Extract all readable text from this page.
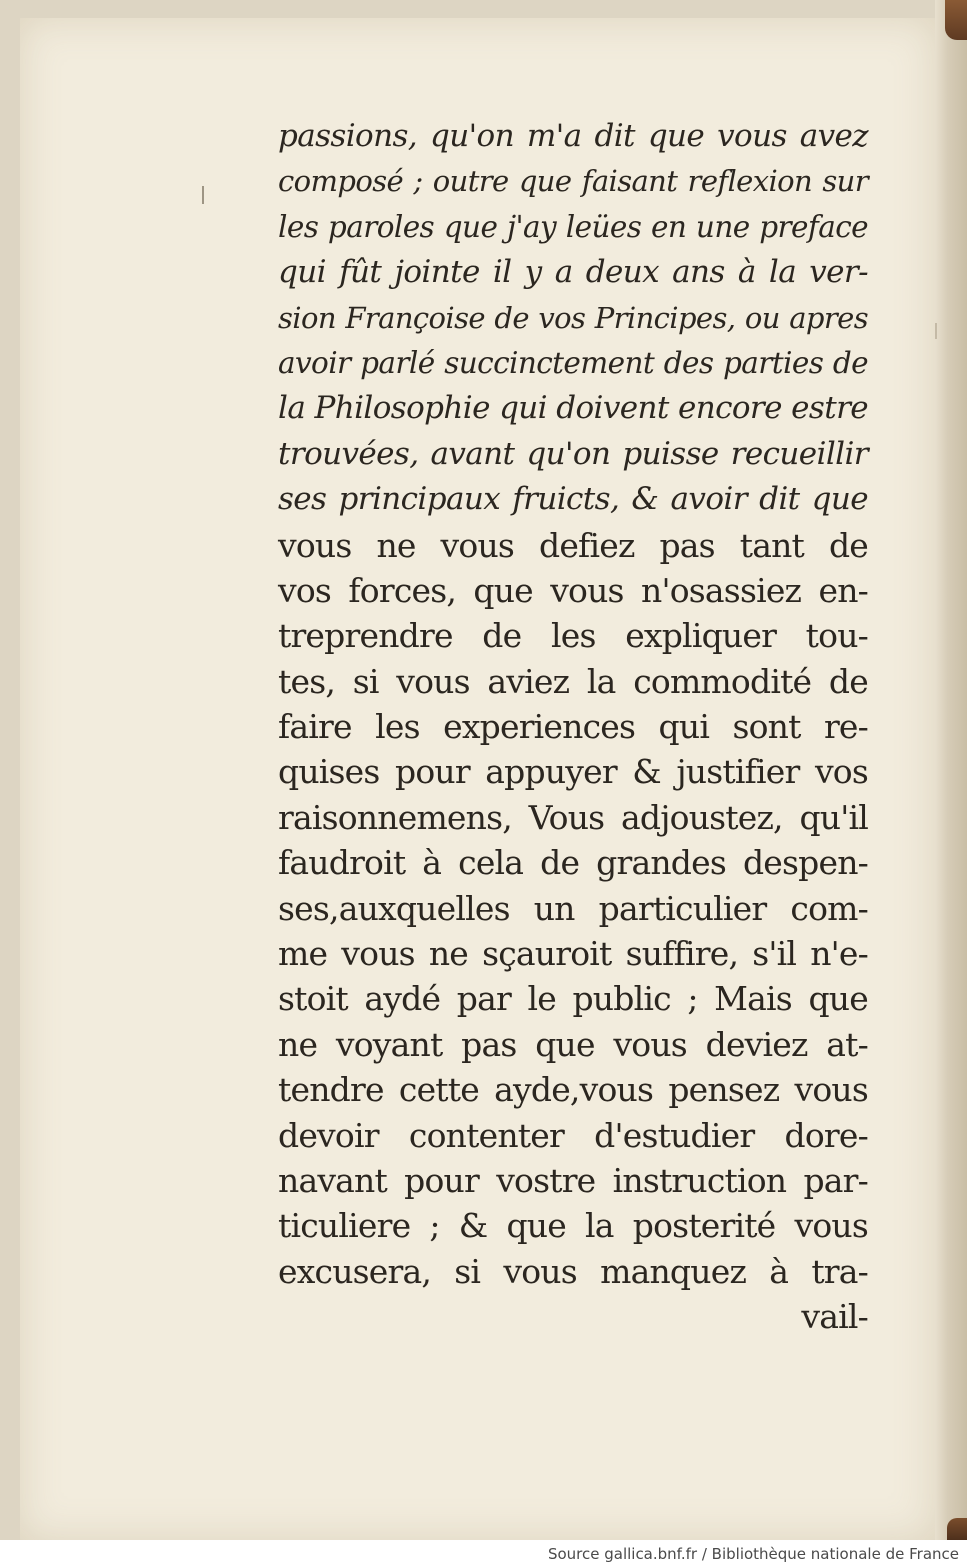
passions, qu'on m'a dit que vous avez
composé ; outre que faisant reflexion sur
les paroles que j'ay leües en une preface
qui fût jointe il y a deux ans à la ver-
sion Françoise de vos Principes, ou apres
avoir parlé succinctement des parties de
la Philosophie qui doivent encore estre
trouvées, avant qu'on puisse recueillir
ses principaux fruicts, & avoir dit que
vous ne vous defiez pas tant de
vos forces, que vous n'osassiez en-
treprendre de les expliquer tou-
tes, si vous aviez la commodité de
faire les experiences qui sont re-
quises pour appuyer & justifier vos
raisonnemens, Vous adjoustez, qu'il
faudroit à cela de grandes despen-
ses,auxquelles un particulier com-
me vous ne sçauroit suffire, s'il n'e-
stoit aydé par le public ; Mais que
ne voyant pas que vous deviez at-
tendre cette ayde,vous pensez vous
devoir contenter d'estudier dore-
navant pour vostre instruction par-
ticuliere ; & que la posterité vous
excusera, si vous manquez à tra-
vail-
Source gallica.bnf.fr / Bibliothèque nationale de France
